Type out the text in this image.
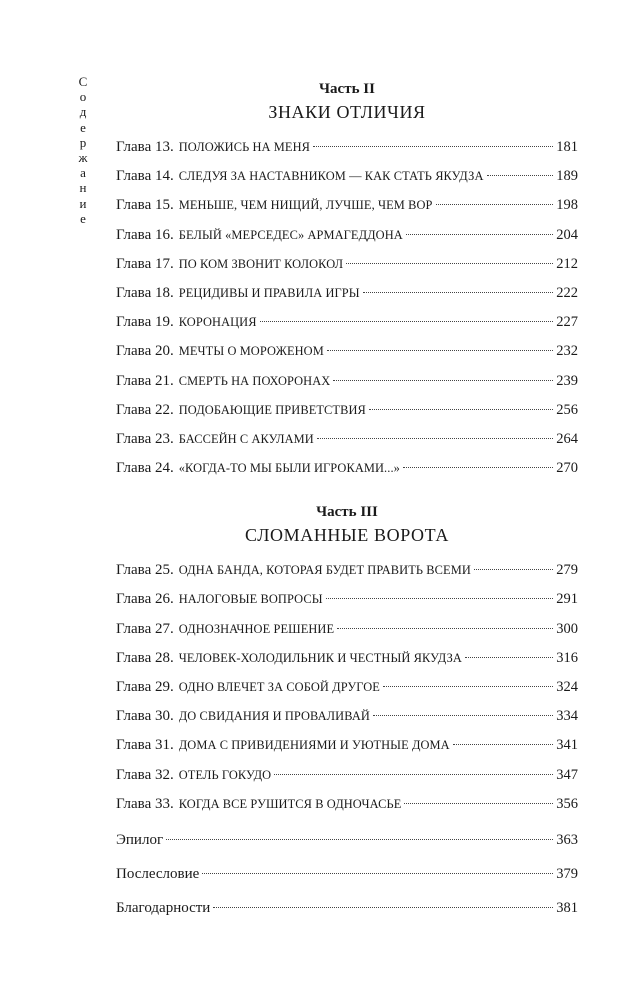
С
о
д
е
р
ж
а
н
и
е
Часть II
ЗНАКИ ОТЛИЧИЯ
Глава 13. ПОЛОЖИСЬ НА МЕНЯ	181
Глава 14. СЛЕДУЯ ЗА НАСТАВНИКОМ — КАК СТАТЬ ЯКУДЗА	189
Глава 15. МЕНЬШЕ, ЧЕМ НИЩИЙ, ЛУЧШЕ, ЧЕМ ВОР	198
Глава 16. БЕЛЫЙ «МЕРСЕДЕС» АРМАГЕДДОНА	204
Глава 17. ПО КОМ ЗВОНИТ КОЛОКОЛ	212
Глава 18. РЕЦИДИВЫ И ПРАВИЛА ИГРЫ	222
Глава 19. КОРОНАЦИЯ	227
Глава 20. МЕЧТЫ О МОРОЖЕНОМ	232
Глава 21. СМЕРТЬ НА ПОХОРОНАХ	239
Глава 22. ПОДОБАЮЩИЕ ПРИВЕТСТВИЯ	256
Глава 23. БАССЕЙН С АКУЛАМИ	264
Глава 24. «КОГДА-ТО МЫ БЫЛИ ИГРОКАМИ...»	270
Часть III
СЛОМАННЫЕ ВОРОТА
Глава 25. ОДНА БАНДА, КОТОРАЯ БУДЕТ ПРАВИТЬ ВСЕМИ	279
Глава 26. НАЛОГОВЫЕ ВОПРОСЫ	291
Глава 27. ОДНОЗНАЧНОЕ РЕШЕНИЕ	300
Глава 28. ЧЕЛОВЕК-ХОЛОДИЛЬНИК И ЧЕСТНЫЙ ЯКУДЗА	316
Глава 29. ОДНО ВЛЕЧЕТ ЗА СОБОЙ ДРУГОЕ	324
Глава 30. ДО СВИДАНИЯ И ПРОВАЛИВАЙ	334
Глава 31. ДОМА С ПРИВИДЕНИЯМИ И УЮТНЫЕ ДОМА	341
Глава 32. ОТЕЛЬ ГОКУДО	347
Глава 33. КОГДА ВСЕ РУШИТСЯ В ОДНОЧАСЬЕ	356
Эпилог	363
Послесловие	379
Благодарности	381
